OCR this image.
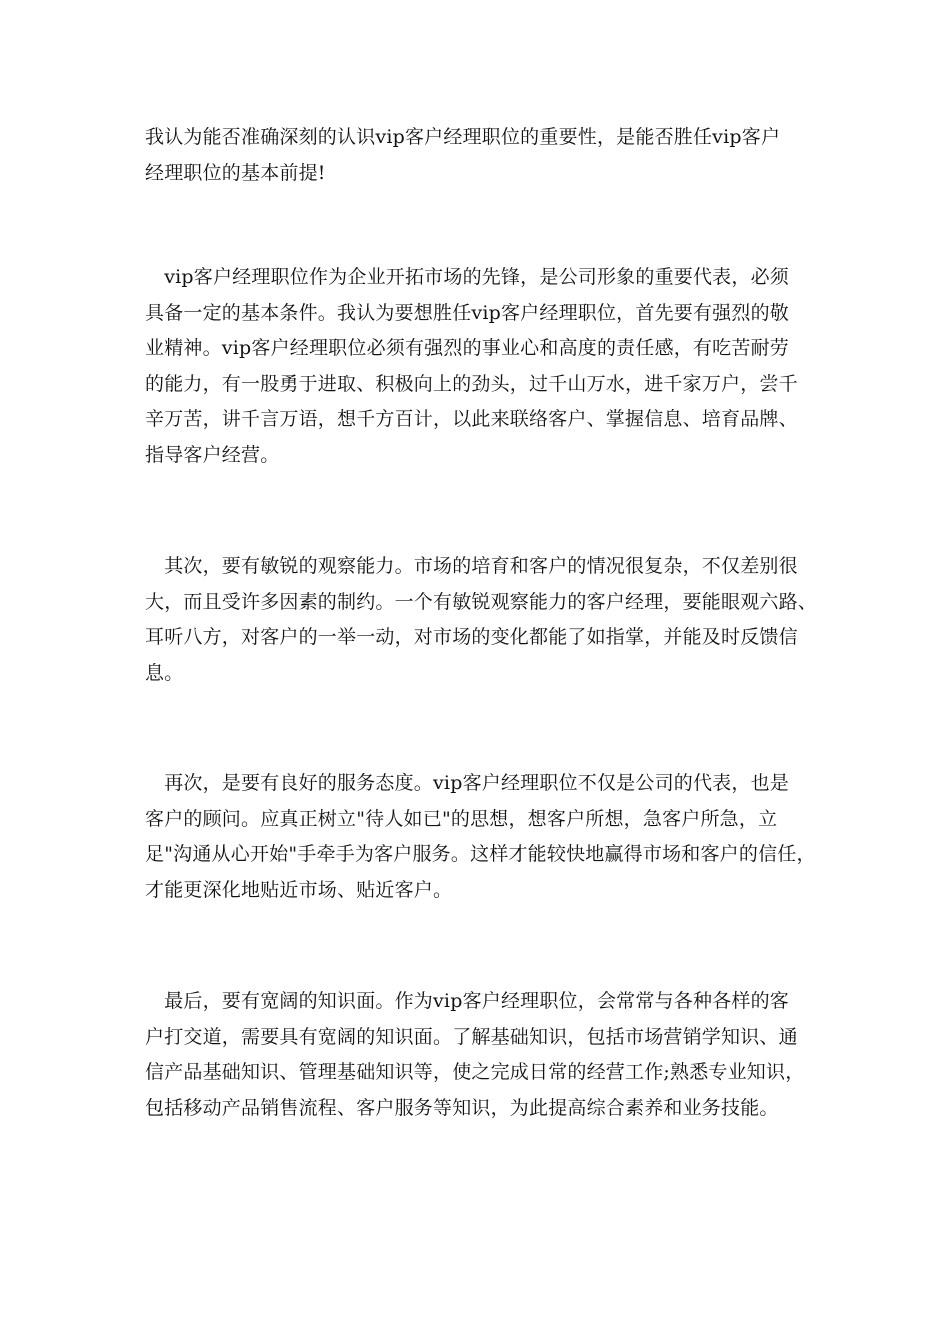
我认为能否准确深刻的认识vip客户经理职位的重要性，是能否胜任vip客户
经理职位的基本前提!
　vip客户经理职位作为企业开拓市场的先锋，是公司形象的重要代表，必须
具备一定的基本条件。我认为要想胜任vip客户经理职位，首先要有强烈的敬
业精神。vip客户经理职位必须有强烈的事业心和高度的责任感，有吃苦耐劳
的能力，有一股勇于进取、积极向上的劲头，过千山万水，进千家万户，尝千
辛万苦，讲千言万语，想千方百计，以此来联络客户、掌握信息、培育品牌、
指导客户经营。
　其次，要有敏锐的观察能力。市场的培育和客户的情况很复杂，不仅差别很
大，而且受许多因素的制约。一个有敏锐观察能力的客户经理，要能眼观六路、
耳听八方，对客户的一举一动，对市场的变化都能了如指掌，并能及时反馈信
息。
　再次，是要有良好的服务态度。vip客户经理职位不仅是公司的代表，也是
客户的顾问。应真正树立"待人如已"的思想，想客户所想，急客户所急，立
足"沟通从心开始"手牵手为客户服务。这样才能较快地赢得市场和客户的信任，
才能更深化地贴近市场、贴近客户。
　最后，要有宽阔的知识面。作为vip客户经理职位，会常常与各种各样的客
户打交道，需要具有宽阔的知识面。了解基础知识，包括市场营销学知识、通
信产品基础知识、管理基础知识等，使之完成日常的经营工作;熟悉专业知识，
包括移动产品销售流程、客户服务等知识，为此提高综合素养和业务技能。
